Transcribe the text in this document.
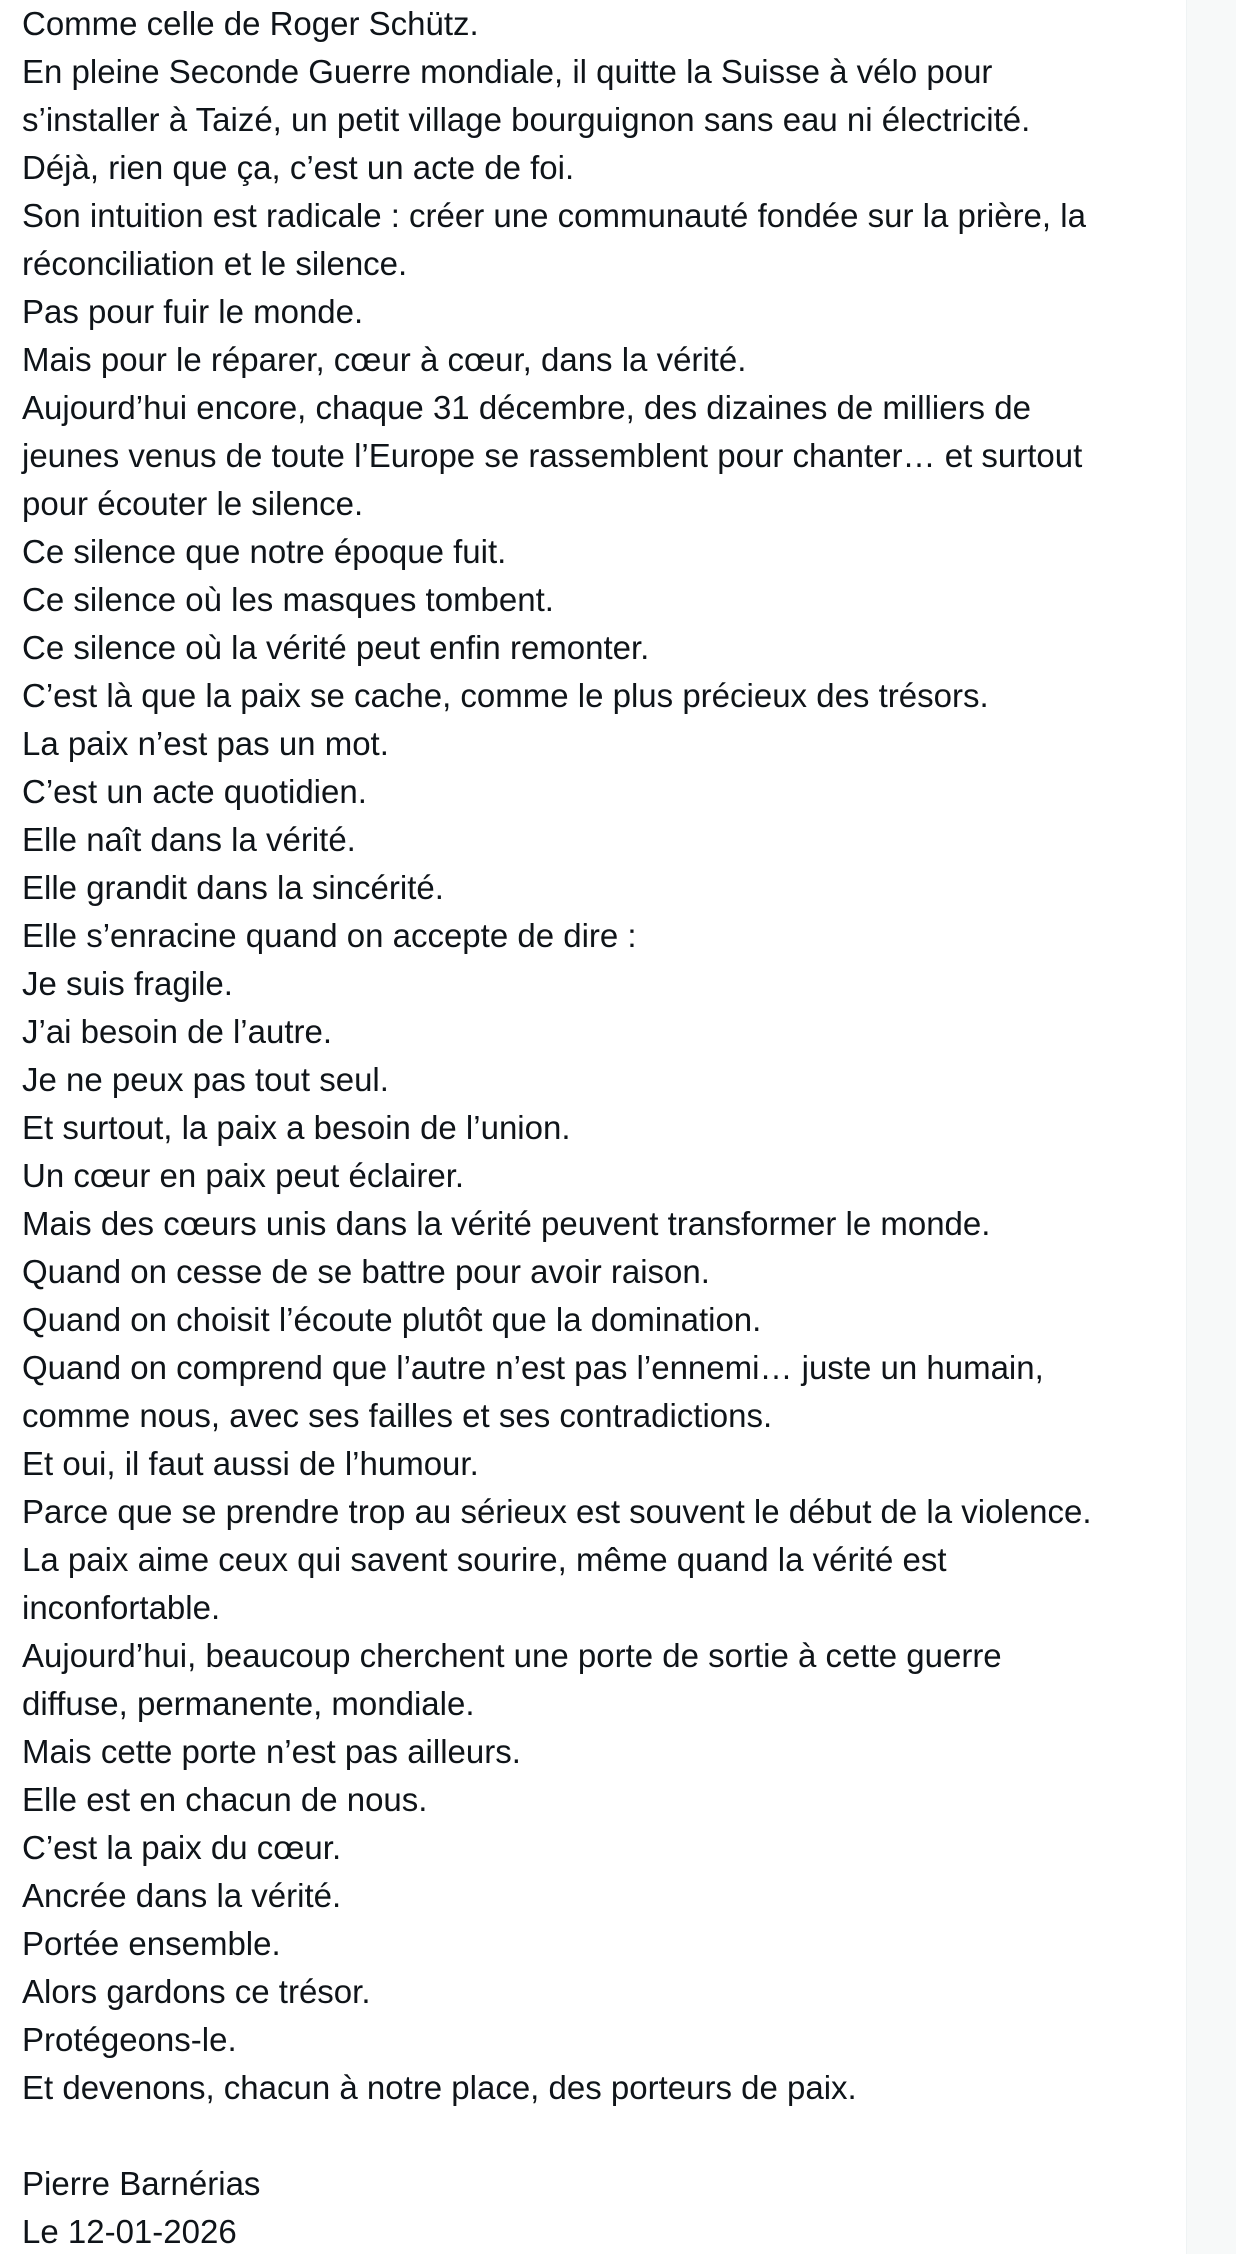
Comme celle de Roger Schütz.
En pleine Seconde Guerre mondiale, il quitte la Suisse à vélo pour
s’installer à Taizé, un petit village bourguignon sans eau ni électricité.
Déjà, rien que ça, c’est un acte de foi.
Son intuition est radicale : créer une communauté fondée sur la prière, la
réconciliation et le silence.
Pas pour fuir le monde.
Mais pour le réparer, cœur à cœur, dans la vérité.
Aujourd’hui encore, chaque 31 décembre, des dizaines de milliers de
jeunes venus de toute l’Europe se rassemblent pour chanter… et surtout
pour écouter le silence.
Ce silence que notre époque fuit.
Ce silence où les masques tombent.
Ce silence où la vérité peut enfin remonter.
C’est là que la paix se cache, comme le plus précieux des trésors.
La paix n’est pas un mot.
C’est un acte quotidien.
Elle naît dans la vérité.
Elle grandit dans la sincérité.
Elle s’enracine quand on accepte de dire :
Je suis fragile.
J’ai besoin de l’autre.
Je ne peux pas tout seul.
Et surtout, la paix a besoin de l’union.
Un cœur en paix peut éclairer.
Mais des cœurs unis dans la vérité peuvent transformer le monde.
Quand on cesse de se battre pour avoir raison.
Quand on choisit l’écoute plutôt que la domination.
Quand on comprend que l’autre n’est pas l’ennemi… juste un humain,
comme nous, avec ses failles et ses contradictions.
Et oui, il faut aussi de l’humour.
Parce que se prendre trop au sérieux est souvent le début de la violence.
La paix aime ceux qui savent sourire, même quand la vérité est
inconfortable.
Aujourd’hui, beaucoup cherchent une porte de sortie à cette guerre
diffuse, permanente, mondiale.
Mais cette porte n’est pas ailleurs.
Elle est en chacun de nous.
C’est la paix du cœur.
Ancrée dans la vérité.
Portée ensemble.
Alors gardons ce trésor.
Protégeons-le.
Et devenons, chacun à notre place, des porteurs de paix.
Pierre Barnérias
Le 12-01-2026
